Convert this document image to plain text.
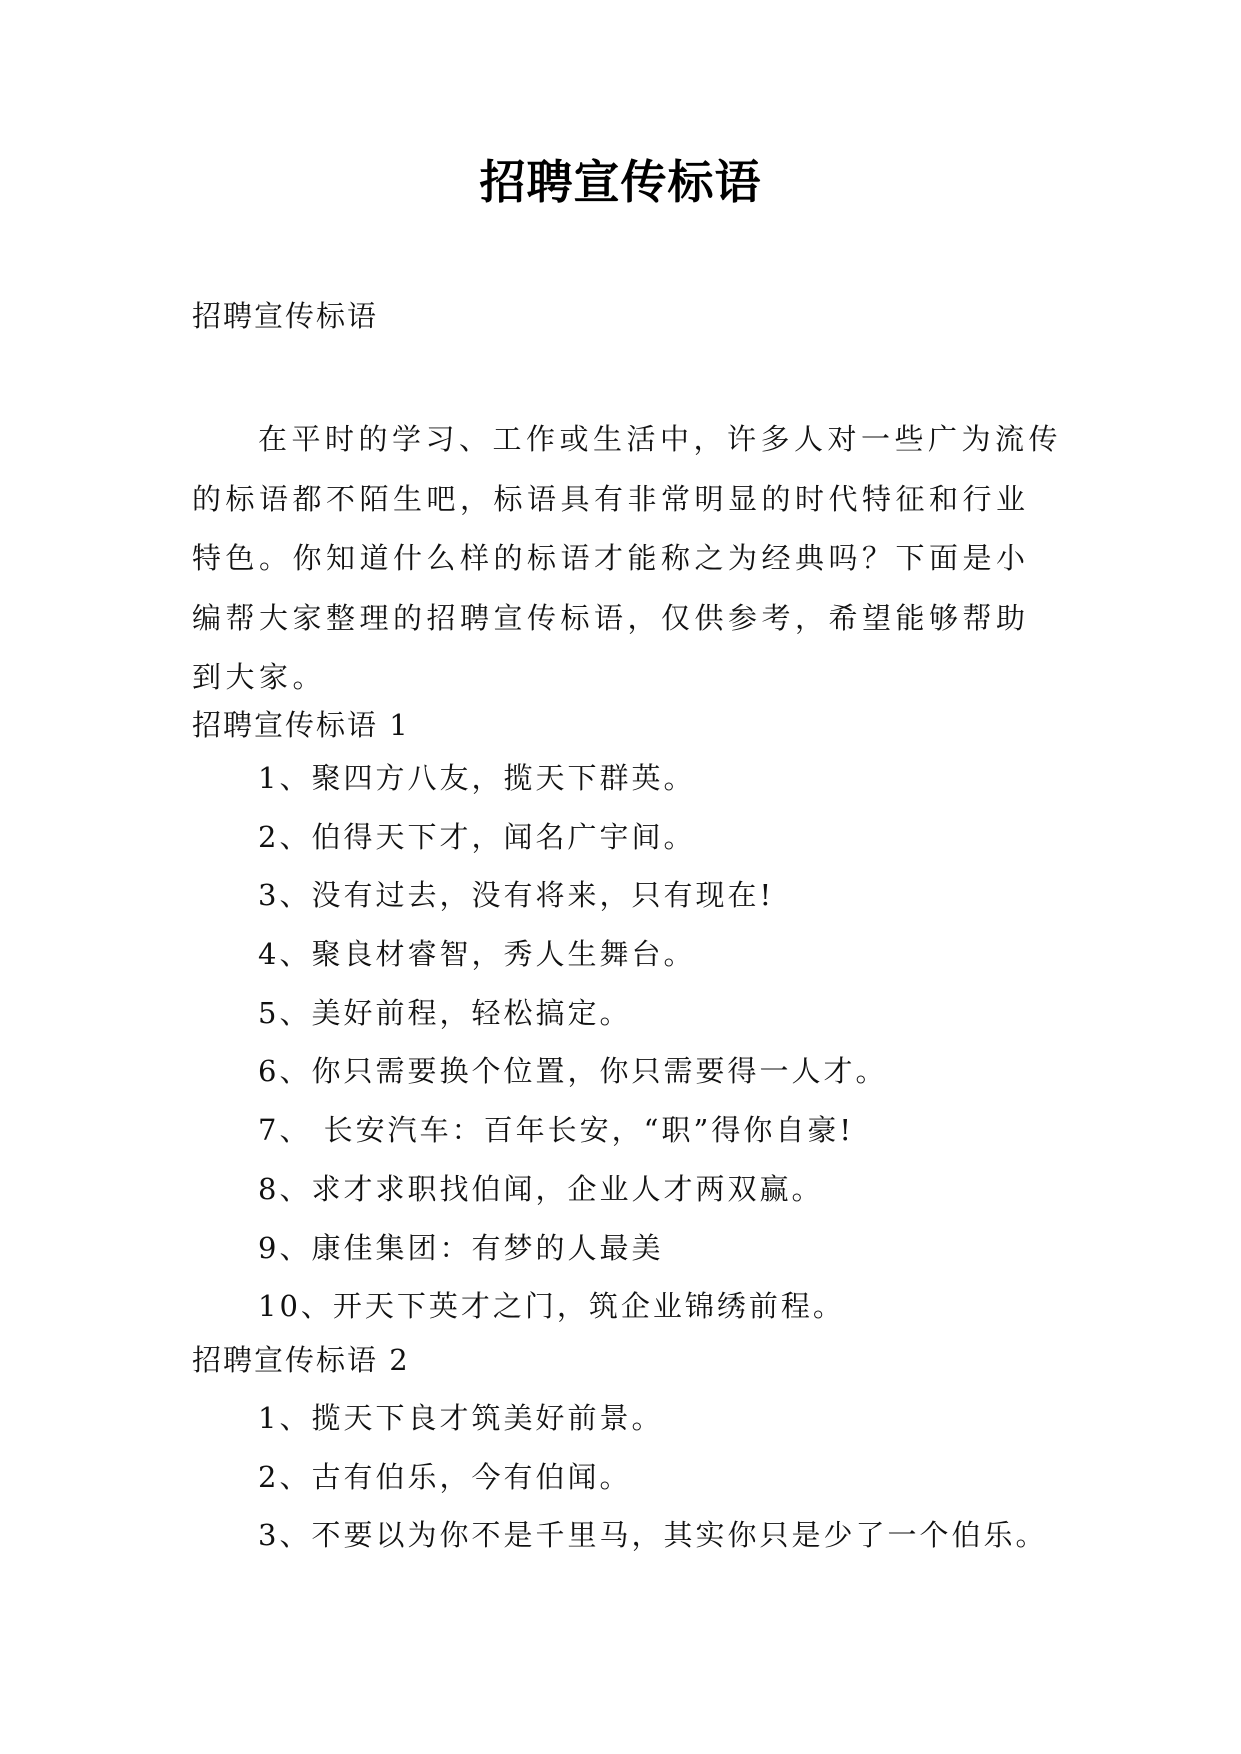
招聘宣传标语
招聘宣传标语

在平时的学习、工作或生活中，许多人对一些广为流传的标语都不陌生吧，标语具有非常明显的时代特征和行业特色。你知道什么样的标语才能称之为经典吗？下面是小编帮大家整理的招聘宣传标语，仅供参考，希望能够帮助到大家。

招聘宣传标语 1
1、聚四方八友，揽天下群英。
2、伯得天下才，闻名广宇间。
3、没有过去，没有将来，只有现在!
4、聚良材睿智，秀人生舞台。
5、美好前程，轻松搞定。
6、你只需要换个位置，你只需要得一人才。
7、 长安汽车：百年长安，“职”得你自豪!
8、求才求职找伯闻，企业人才两双赢。
9、康佳集团：有梦的人最美
10、开天下英才之门，筑企业锦绣前程。
招聘宣传标语 2
1、揽天下良才筑美好前景。
2、古有伯乐，今有伯闻。
3、不要以为你不是千里马，其实你只是少了一个伯乐。
